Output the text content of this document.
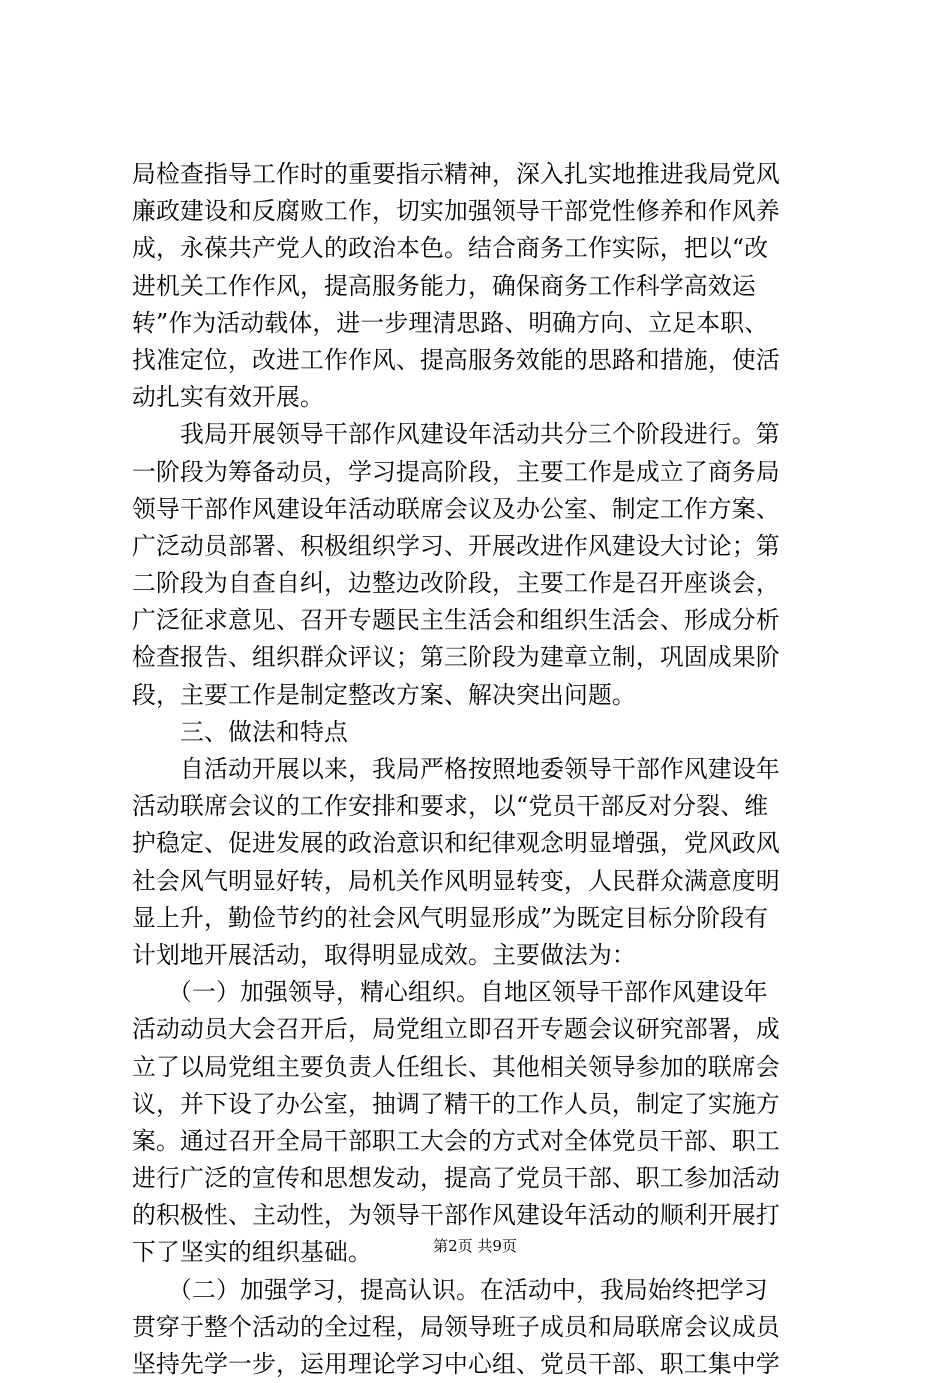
局检查指导工作时的重要指示精神，深入扎实地推进我局党风
廉政建设和反腐败工作，切实加强领导干部党性修养和作风养
成，永葆共产党人的政治本色。结合商务工作实际，把以“改
进机关工作作风，提高服务能力，确保商务工作科学高效运
转”作为活动载体，进一步理清思路、明确方向、立足本职、
找准定位，改进工作作风、提高服务效能的思路和措施，使活
动扎实有效开展。
我局开展领导干部作风建设年活动共分三个阶段进行。第
一阶段为筹备动员，学习提高阶段，主要工作是成立了商务局
领导干部作风建设年活动联席会议及办公室、制定工作方案、
广泛动员部署、积极组织学习、开展改进作风建设大讨论；第
二阶段为自查自纠，边整边改阶段，主要工作是召开座谈会，
广泛征求意见、召开专题民主生活会和组织生活会、形成分析
检查报告、组织群众评议；第三阶段为建章立制，巩固成果阶
段，主要工作是制定整改方案、解决突出问题。
三、做法和特点
自活动开展以来，我局严格按照地委领导干部作风建设年
活动联席会议的工作安排和要求，以“党员干部反对分裂、维
护稳定、促进发展的政治意识和纪律观念明显增强，党风政风
社会风气明显好转，局机关作风明显转变，人民群众满意度明
显上升，勤俭节约的社会风气明显形成”为既定目标分阶段有
计划地开展活动，取得明显成效。主要做法为：
（一）加强领导，精心组织。自地区领导干部作风建设年
活动动员大会召开后，局党组立即召开专题会议研究部署，成
立了以局党组主要负责人任组长、其他相关领导参加的联席会
议，并下设了办公室，抽调了精干的工作人员，制定了实施方
案。通过召开全局干部职工大会的方式对全体党员干部、职工
进行广泛的宣传和思想发动，提高了党员干部、职工参加活动
的积极性、主动性，为领导干部作风建设年活动的顺利开展打
下了坚实的组织基础。
（二）加强学习，提高认识。在活动中，我局始终把学习
贯穿于整个活动的全过程，局领导班子成员和局联席会议成员
坚持先学一步，运用理论学习中心组、党员干部、职工集中学
第2页 共9页
